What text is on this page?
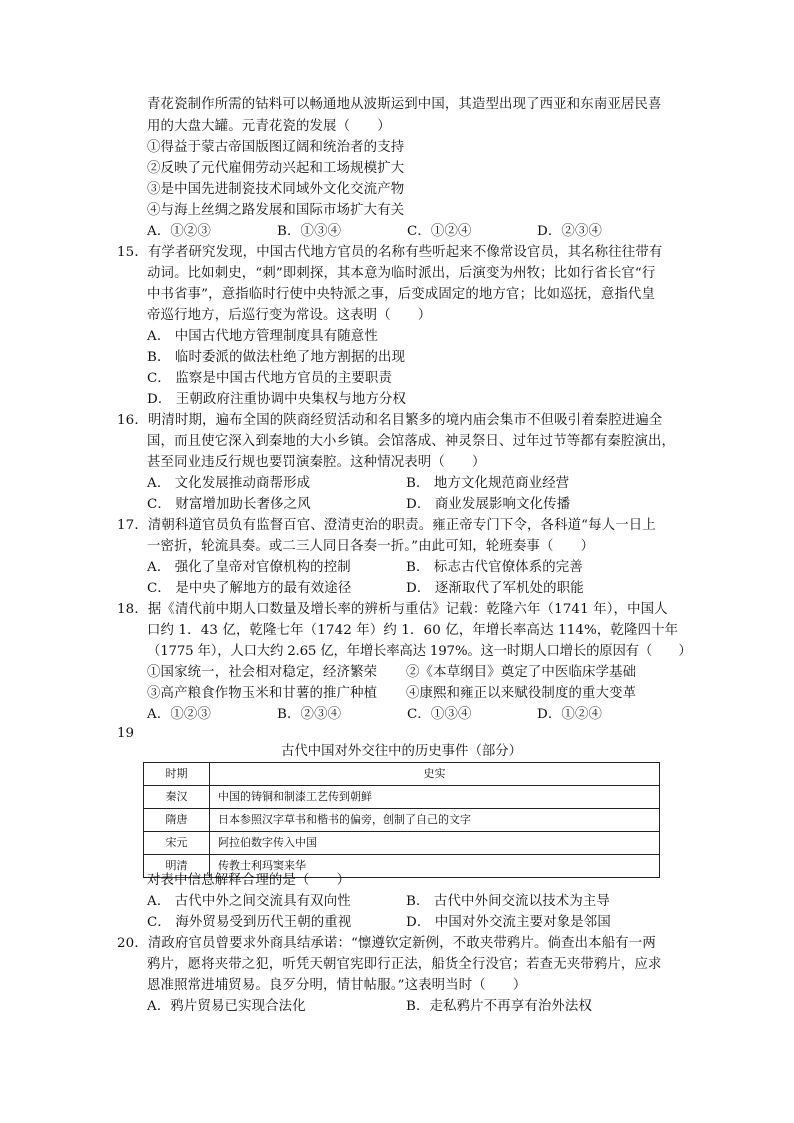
青花瓷制作所需的钴料可以畅通地从波斯运到中国，其造型出现了西亚和东南亚居民喜

用的大盘大罐。元青花瓷的发展（　　）

①得益于蒙古帝国版图辽阔和统治者的支持

②反映了元代雇佣劳动兴起和工场规模扩大

③是中国先进制瓷技术同域外文化交流产物

④与海上丝绸之路发展和国际市场扩大有关

A．①②③	B．①③④	C．①②④	D．②③④

15．有学者研究发现，中国古代地方官员的名称有些听起来不像常设官员，其名称往往带有

动词。比如刺史，“刺”即刺探，其本意为临时派出，后演变为州牧；比如行省长官“行

中书省事”，意指临时行使中央特派之事，后变成固定的地方官；比如巡抚，意指代皇

帝巡行地方，后巡行变为常设。这表明（　　）

A． 中国古代地方管理制度具有随意性

B． 临时委派的做法杜绝了地方割据的出现

C． 监察是中国古代地方官员的主要职责

D． 王朝政府注重协调中央集权与地方分权

16．明清时期，遍布全国的陕商经贸活动和名目繁多的境内庙会集市不但吸引着秦腔进遍全

国，而且使它深入到秦地的大小乡镇。会馆落成、神灵祭日、过年过节等都有秦腔演出，

甚至同业违反行规也要罚演秦腔。这种情况表明（　　）

A． 文化发展推动商帮形成	B． 地方文化规范商业经营

C． 财富增加助长奢侈之风	D． 商业发展影响文化传播

17．清朝科道官员负有监督百官、澄清吏治的职责。雍正帝专门下令，各科道“每人一日上

一密折，轮流具奏。或二三人同日各奏一折。”由此可知，轮班奏事（　　）

A． 强化了皇帝对官僚机构的控制	B． 标志古代官僚体系的完善

C． 是中央了解地方的最有效途径	D． 逐渐取代了军机处的职能

18．据《清代前中期人口数量及增长率的辨析与重估》记载：乾隆六年（1741 年），中国人

口约 1．43 亿，乾隆七年（1742 年）约 1．60 亿，年增长率高达 114%，乾隆四十年

（1775 年），人口大约 2.65 亿，年增长率高达 197%。这一时期人口增长的原因有（　　）

①国家统一，社会相对稳定，经济繁荣 ②《本草纲目》奠定了中医临床学基础

③高产粮食作物玉米和甘薯的推广种植 ④康熙和雍正以来赋役制度的重大变革

A．①②③	B．②③④	C．①③④	D．①②④

19

古代中国对外交往中的历史事件（部分）

时期	史实
秦汉	中国的铸铜和制漆工艺传到朝鲜
隋唐	日本参照汉字草书和楷书的偏旁，创制了自己的文字
宋元	阿拉伯数字传入中国
明清	传教士利玛窦来华

对表中信息解释合理的是（　　）

A． 古代中外之间交流具有双向性	B． 古代中外间交流以技术为主导

C． 海外贸易受到历代王朝的重视	D． 中国对外交流主要对象是邻国

20．清政府官员曾要求外商具结承诺：“懔遵钦定新例，不敢夹带鸦片。倘查出本船有一两

鸦片，愿将夹带之犯，听凭天朝官宪即行正法，船货全行没官；若查无夹带鸦片，应求

恩准照常进埔贸易。良歹分明，情甘帖服。”这表明当时（　　）

A．鸦片贸易已实现合法化	B．走私鸦片不再享有治外法权
